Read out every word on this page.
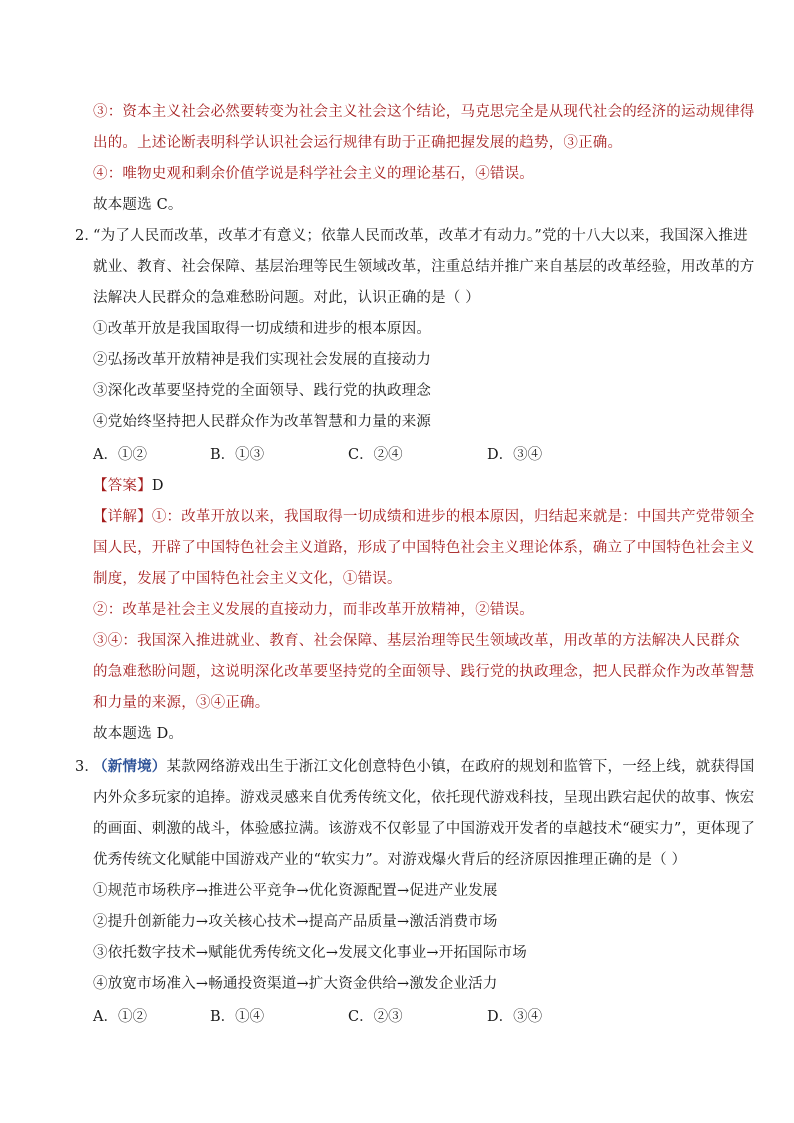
③：资本主义社会必然要转变为社会主义社会这个结论，马克思完全是从现代社会的经济的运动规律得
出的。上述论断表明科学认识社会运行规律有助于正确把握发展的趋势，③正确。
④：唯物史观和剩余价值学说是科学社会主义的理论基石，④错误。
故本题选 C。
2．
“为了人民而改革，改革才有意义；依靠人民而改革，改革才有动力。”党的十八大以来，我国深入推进
就业、教育、社会保障、基层治理等民生领域改革，注重总结并推广来自基层的改革经验，用改革的方
法解决人民群众的急难愁盼问题。对此，认识正确的是（ ）
①改革开放是我国取得一切成绩和进步的根本原因。
②弘扬改革开放精神是我们实现社会发展的直接动力
③深化改革要坚持党的全面领导、践行党的执政理念
④党始终坚持把人民群众作为改革智慧和力量的来源
A．①②	B．①③	C．②④	D．③④
【答案】D
【详解】①：改革开放以来，我国取得一切成绩和进步的根本原因，归结起来就是：中国共产党带领全
国人民，开辟了中国特色社会主义道路，形成了中国特色社会主义理论体系，确立了中国特色社会主义
制度，发展了中国特色社会主义文化，①错误。
②：改革是社会主义发展的直接动力，而非改革开放精神，②错误。
③④：我国深入推进就业、教育、社会保障、基层治理等民生领域改革，用改革的方法解决人民群众
的急难愁盼问题，这说明深化改革要坚持党的全面领导、践行党的执政理念，把人民群众作为改革智慧
和力量的来源，③④正确。
故本题选 D。
3．
（新情境）某款网络游戏出生于浙江文化创意特色小镇，在政府的规划和监管下，一经上线，就获得国
内外众多玩家的追捧。游戏灵感来自优秀传统文化，依托现代游戏科技，呈现出跌宕起伏的故事、恢宏
的画面、刺激的战斗，体验感拉满。该游戏不仅彰显了中国游戏开发者的卓越技术“硬实力”，更体现了
优秀传统文化赋能中国游戏产业的“软实力”。对游戏爆火背后的经济原因推理正确的是（ ）
①规范市场秩序→推进公平竞争→优化资源配置→促进产业发展
②提升创新能力→攻关核心技术→提高产品质量→激活消费市场
③依托数字技术→赋能优秀传统文化→发展文化事业→开拓国际市场
④放宽市场准入→畅通投资渠道→扩大资金供给→激发企业活力
A．①②	B．①④	C．②③	D．③④
